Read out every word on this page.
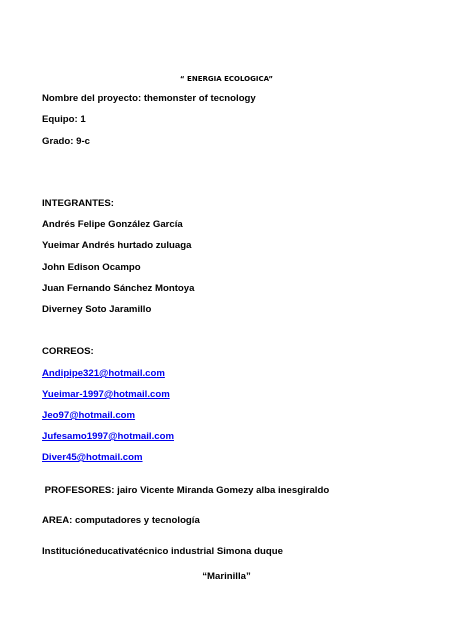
“ ENERGIA ECOLOGICA”
Nombre del proyecto: themonster of tecnology
Equipo: 1
Grado: 9-c
INTEGRANTES:
Andrés Felipe González García
Yueimar Andrés hurtado zuluaga
John Edison Ocampo
Juan Fernando Sánchez Montoya
Diverney Soto Jaramillo
CORREOS:
Andipipe321@hotmail.com
Yueimar-1997@hotmail.com
Jeo97@hotmail.com
Jufesamo1997@hotmail.com
Diver45@hotmail.com
PROFESORES: jairo Vicente Miranda Gomezy alba inesgiraldo
AREA: computadores y tecnología
Institucióneducativatécnico industrial Simona duque
“Marinilla”
